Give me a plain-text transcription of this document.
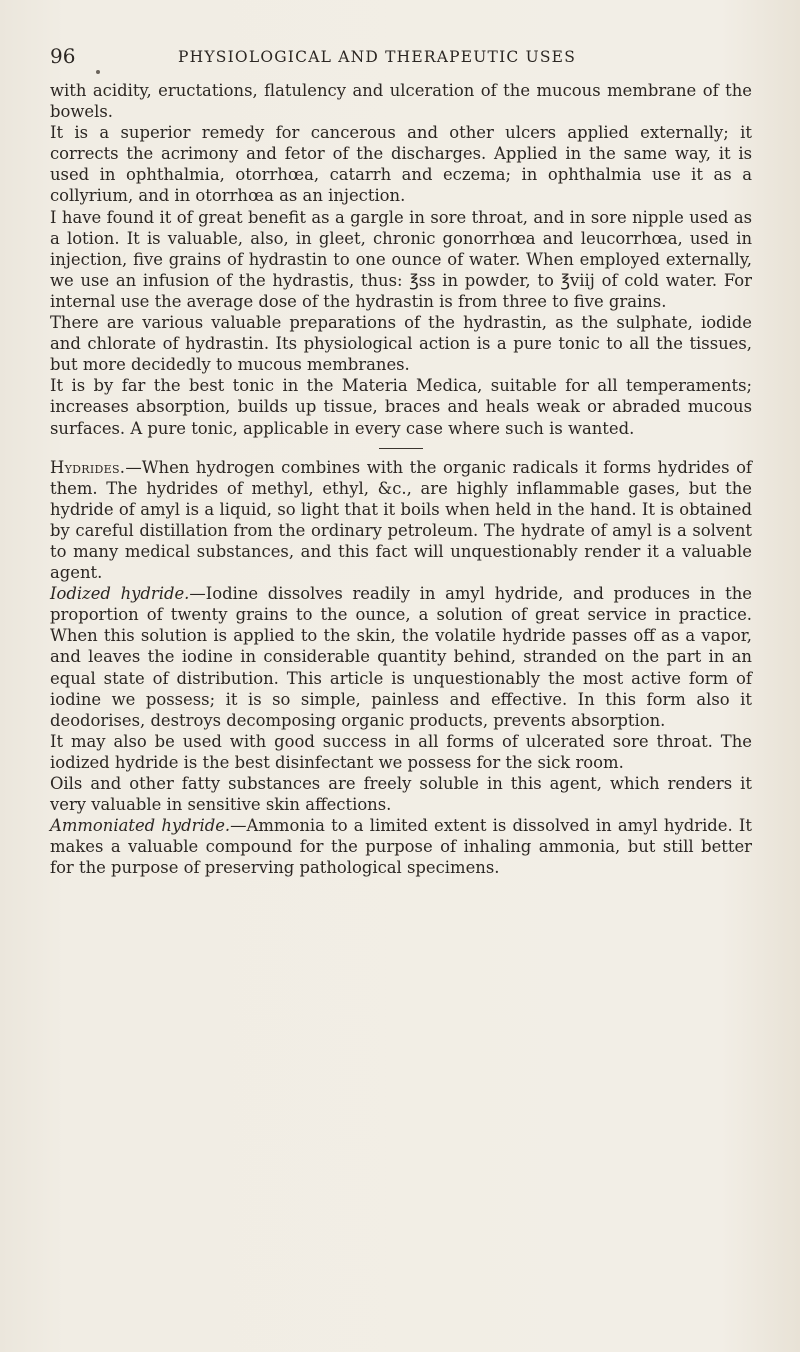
96	PHYSIOLOGICAL AND THERAPEUTIC USES

with acidity, eructations, flatulency and ulceration of the mucous membrane of the bowels.

It is a superior remedy for cancerous and other ulcers applied externally; it corrects the acrimony and fetor of the discharges. Applied in the same way, it is used in ophthalmia, otorrhœa, catarrh and eczema; in ophthalmia use it as a collyrium, and in otorrhœa as an injection.

I have found it of great benefit as a gargle in sore throat, and in sore nipple used as a lotion. It is valuable, also, in gleet, chronic gonorrhœa and leucorrhœa, used in injection, five grains of hydrastin to one ounce of water. When employed externally, we use an infusion of the hydrastis, thus: ℥ss in powder, to ℥viij of cold water. For internal use the average dose of the hydrastin is from three to five grains.

There are various valuable preparations of the hydrastin, as the sulphate, iodide and chlorate of hydrastin. Its physiological action is a pure tonic to all the tissues, but more decidedly to mucous membranes.

It is by far the best tonic in the Materia Medica, suitable for all temperaments; increases absorption, builds up tissue, braces and heals weak or abraded mucous surfaces. A pure tonic, applicable in every case where such is wanted.

Hydrides.—When hydrogen combines with the organic radicals it forms hydrides of them. The hydrides of methyl, ethyl, &c., are highly inflammable gases, but the hydride of amyl is a liquid, so light that it boils when held in the hand. It is obtained by careful distillation from the ordinary petroleum. The hydrate of amyl is a solvent to many medical substances, and this fact will unquestionably render it a valuable agent.

Iodized hydride.—Iodine dissolves readily in amyl hydride, and produces in the proportion of twenty grains to the ounce, a solution of great service in practice. When this solution is applied to the skin, the volatile hydride passes off as a vapor, and leaves the iodine in considerable quantity behind, stranded on the part in an equal state of distribution. This article is unquestionably the most active form of iodine we possess; it is so simple, painless and effective. In this form also it deodorises, destroys decomposing organic products, prevents absorption.

It may also be used with good success in all forms of ulcerated sore throat. The iodized hydride is the best disinfectant we possess for the sick room.

Oils and other fatty substances are freely soluble in this agent, which renders it very valuable in sensitive skin affections.

Ammoniated hydride.—Ammonia to a limited extent is dissolved in amyl hydride. It makes a valuable compound for the purpose of inhaling ammonia, but still better for the purpose of preserving pathological specimens.
